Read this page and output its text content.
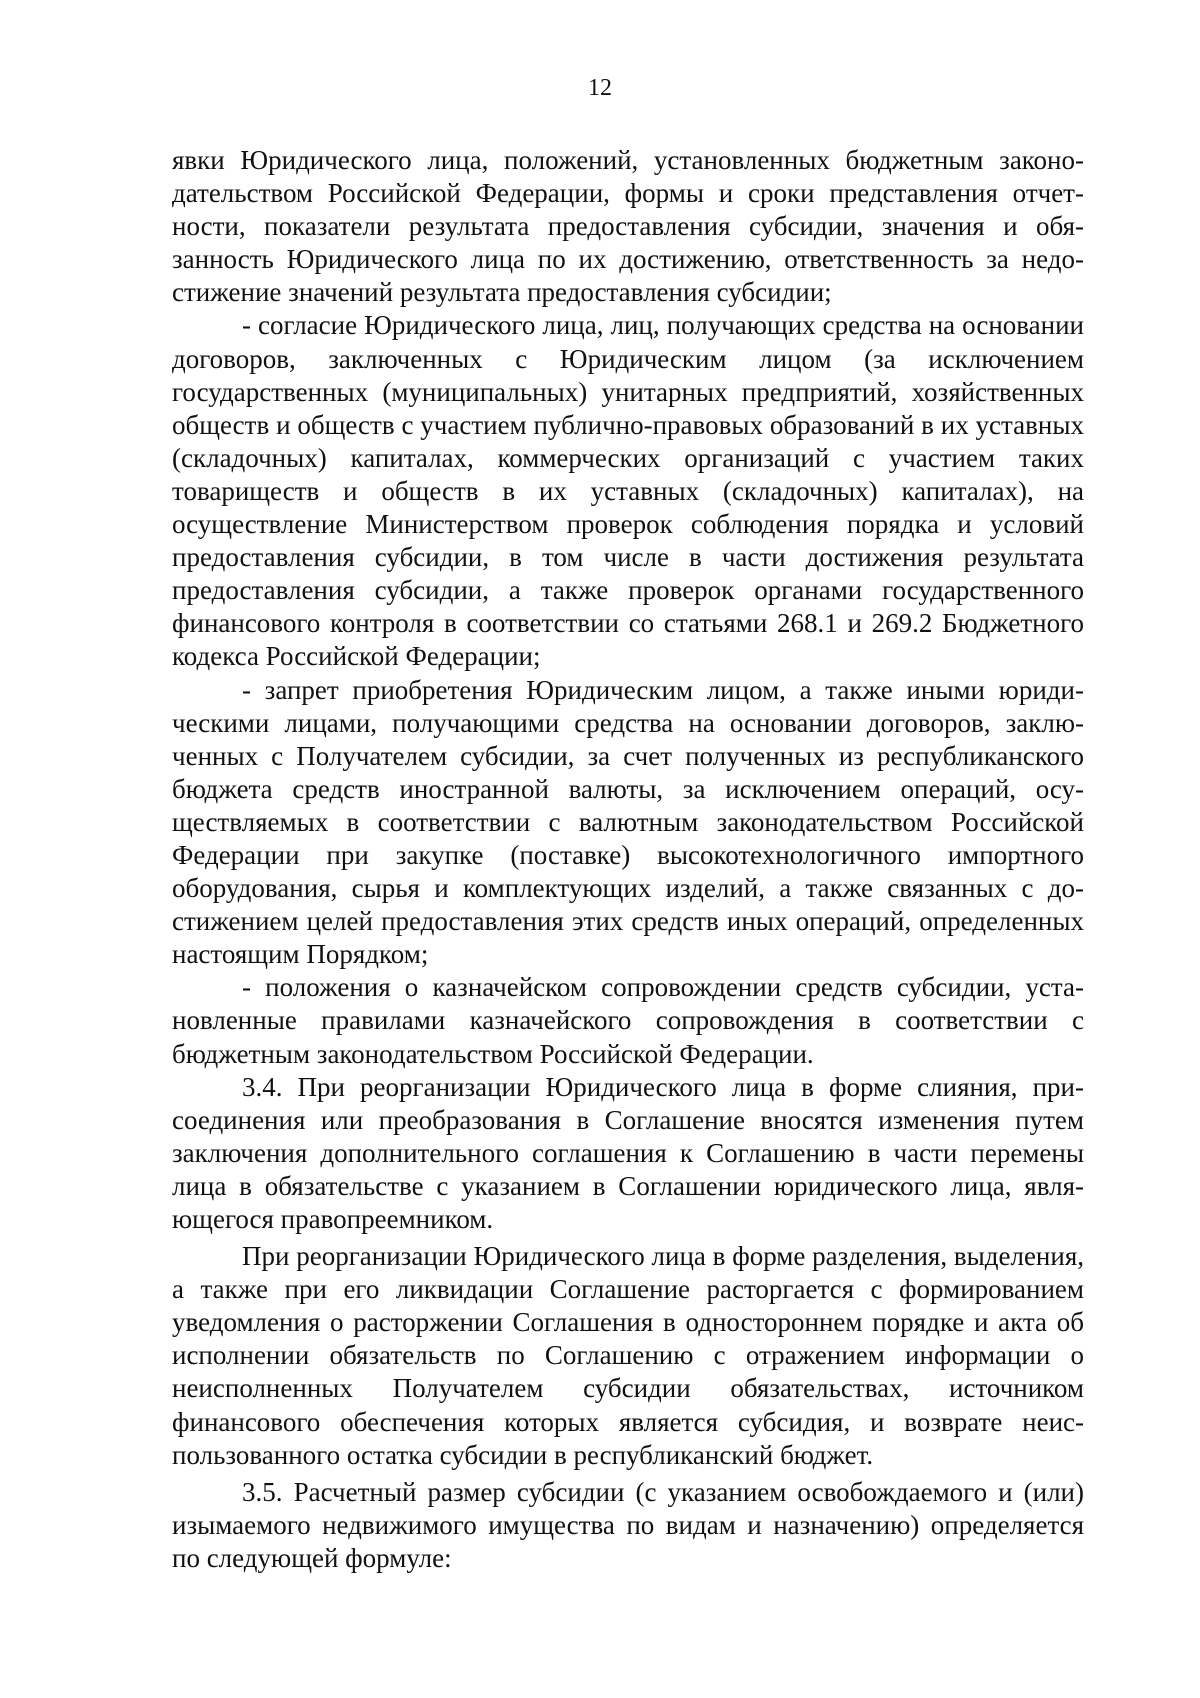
12

явки Юридического лица, положений, установленных бюджетным законодательством Российской Федерации, формы и сроки представления отчетности, показатели результата предоставления субсидии, значения и обязанность Юридического лица по их достижению, ответственность за недостижение значений результата предоставления субсидии;

- согласие Юридического лица, лиц, получающих средства на основании договоров, заключенных с Юридическим лицом (за исключением государственных (муниципальных) унитарных предприятий, хозяйственных обществ и обществ с участием публично-правовых образований в их уставных (складочных) капиталах, коммерческих организаций с участием таких товариществ и обществ в их уставных (складочных) капиталах), на осуществление Министерством проверок соблюдения порядка и условий предоставления субсидии, в том числе в части достижения результата предоставления субсидии, а также проверок органами государственного финансового контроля в соответствии со статьями 268.1 и 269.2 Бюджетного кодекса Российской Федерации;

- запрет приобретения Юридическим лицом, а также иными юридическими лицами, получающими средства на основании договоров, заключенных с Получателем субсидии, за счет полученных из республиканского бюджета средств иностранной валюты, за исключением операций, осуществляемых в соответствии с валютным законодательством Российской Федерации при закупке (поставке) высокотехнологичного импортного оборудования, сырья и комплектующих изделий, а также связанных с достижением целей предоставления этих средств иных операций, определенных настоящим Порядком;

- положения о казначейском сопровождении средств субсидии, установленные правилами казначейского сопровождения в соответствии с бюджетным законодательством Российской Федерации.

3.4. При реорганизации Юридического лица в форме слияния, присоединения или преобразования в Соглашение вносятся изменения путем заключения дополнительного соглашения к Соглашению в части перемены лица в обязательстве с указанием в Соглашении юридического лица, являющегося правопреемником.

При реорганизации Юридического лица в форме разделения, выделения, а также при его ликвидации Соглашение расторгается с формированием уведомления о расторжении Соглашения в одностороннем порядке и акта об исполнении обязательств по Соглашению с отражением информации о неисполненных Получателем субсидии обязательствах, источником финансового обеспечения которых является субсидия, и возврате неиспользованного остатка субсидии в республиканский бюджет.

3.5. Расчетный размер субсидии (с указанием освобождаемого и (или) изымаемого недвижимого имущества по видам и назначению) определяется по следующей формуле:
